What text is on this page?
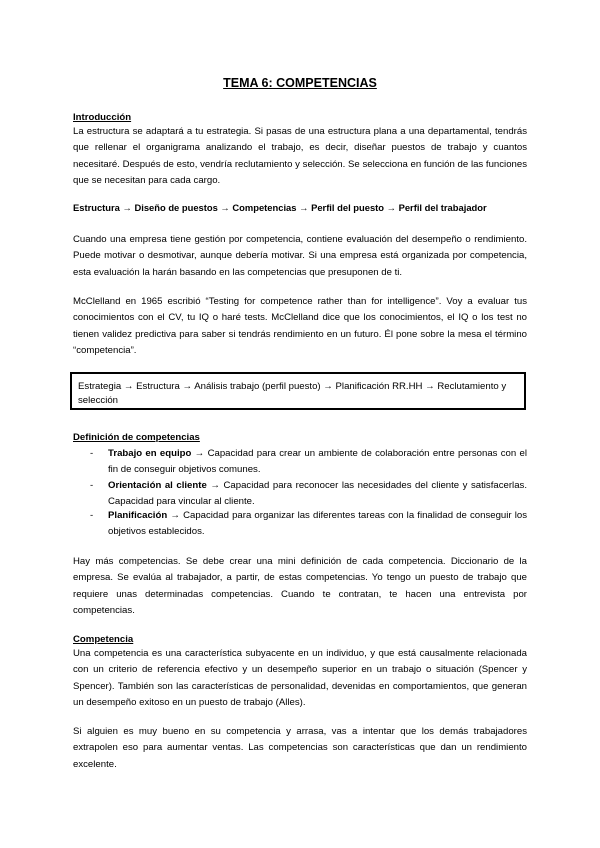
TEMA 6: COMPETENCIAS
Introducción
La estructura se adaptará a tu estrategia. Si pasas de una estructura plana a una departamental, tendrás que rellenar el organigrama analizando el trabajo, es decir, diseñar puestos de trabajo y cuantos necesitaré. Después de esto, vendría reclutamiento y selección. Se selecciona en función de las funciones que se necesitan para cada cargo.
Estructura → Diseño de puestos → Competencias → Perfil del puesto → Perfil del trabajador
Cuando una empresa tiene gestión por competencia, contiene evaluación del desempeño o rendimiento. Puede motivar o desmotivar, aunque debería motivar. Si una empresa está organizada por competencia, esta evaluación la harán basando en las competencias que presuponen de ti.
McClelland en 1965 escribió “Testing for competence rather than for intelligence”. Voy a evaluar tus conocimientos con el CV, tu IQ o haré tests. McClelland dice que los conocimientos, el IQ o los test no tienen validez predictiva para saber si tendrás rendimiento en un futuro. Él pone sobre la mesa el término “competencia”.
Estrategia → Estructura → Análisis trabajo (perfil puesto) → Planificación RR.HH → Reclutamiento y selección
Definición de competencias
- Trabajo en equipo → Capacidad para crear un ambiente de colaboración entre personas con el fin de conseguir objetivos comunes.
- Orientación al cliente → Capacidad para reconocer las necesidades del cliente y satisfacerlas. Capacidad para vincular al cliente.
- Planificación → Capacidad para organizar las diferentes tareas con la finalidad de conseguir los objetivos establecidos.
Hay más competencias. Se debe crear una mini definición de cada competencia. Diccionario de la empresa. Se evalúa al trabajador, a partir, de estas competencias. Yo tengo un puesto de trabajo que requiere unas determinadas competencias. Cuando te contratan, te hacen una entrevista por competencias.
Competencia
Una competencia es una característica subyacente en un individuo, y que está causalmente relacionada con un criterio de referencia efectivo y un desempeño superior en un trabajo o situación (Spencer y Spencer). También son las características de personalidad, devenidas en comportamientos, que generan un desempeño exitoso en un puesto de trabajo (Alles).
Si alguien es muy bueno en su competencia y arrasa, vas a intentar que los demás trabajadores extrapolen eso para aumentar ventas. Las competencias son características que dan un rendimiento excelente.
